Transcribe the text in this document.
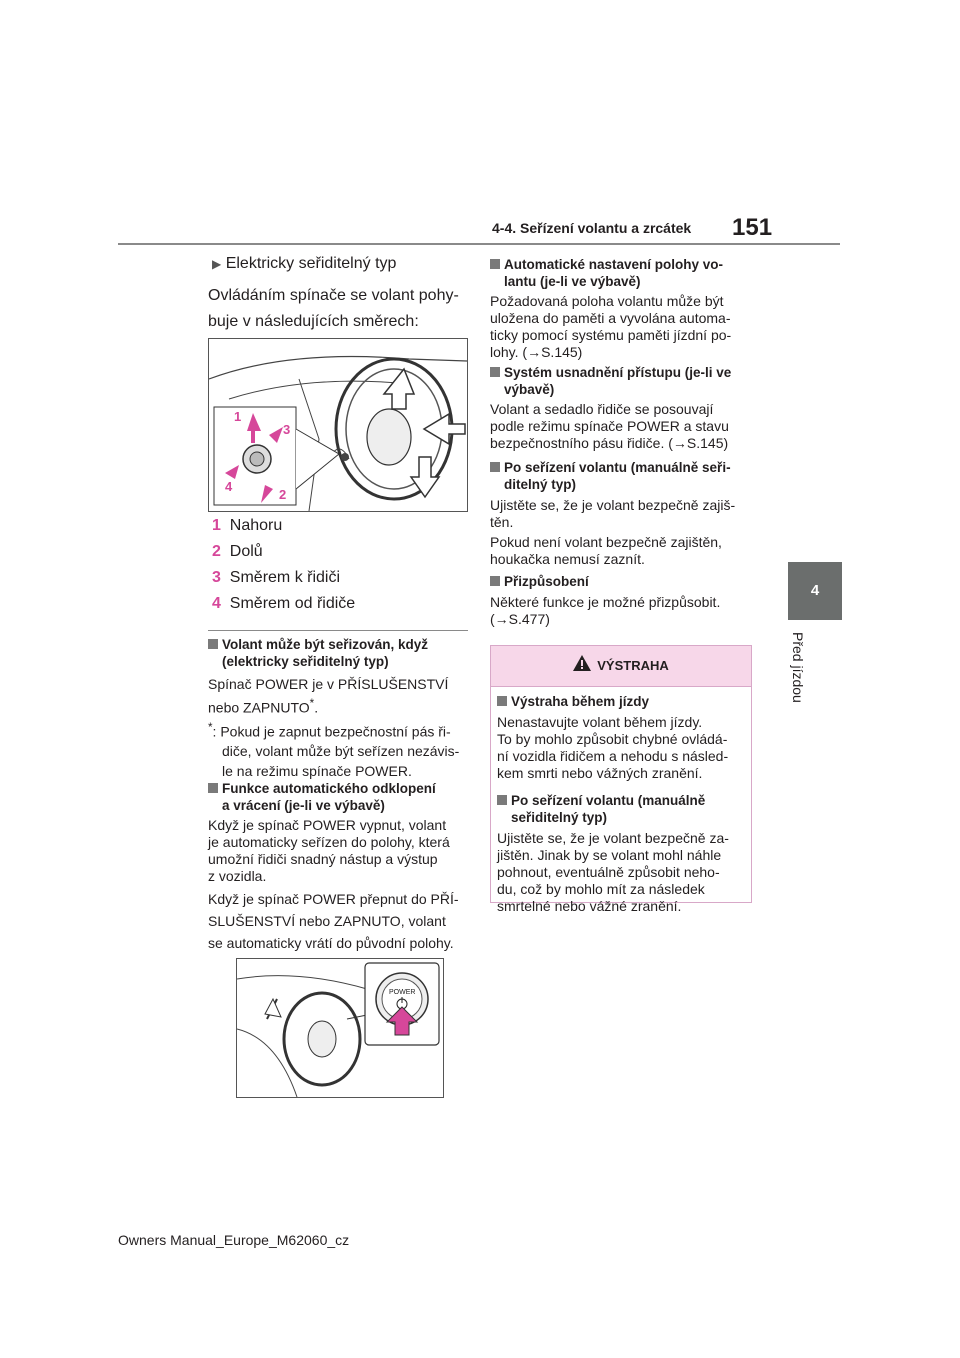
4-4. Seřízení volantu a zrcátek 151
4
Před jízdou
▶ Elektricky seřiditelný typ
Ovládáním spínače se volant pohy-
buje v následujících směrech:
1
3
4
2
1 Nahoru
2 Dolů
3 Směrem k řidiči
4 Směrem od řidiče
Volant může být seřizován, když
(elektricky seřiditelný typ)
Spínač POWER je v PŘÍSLUŠENSTVÍ
nebo ZAPNUTO*.
*: Pokud je zapnut bezpečnostní pás ři-
diče, volant může být seřízen nezávis-
le na režimu spínače POWER.
Funkce automatického odklopení
a vrácení (je-li ve výbavě)
Když je spínač POWER vypnut, volant
je automaticky seřízen do polohy, která
umožní řidiči snadný nástup a výstup
z vozidla.
Když je spínač POWER přepnut do PŘÍ-
SLUŠENSTVÍ nebo ZAPNUTO, volant
se automaticky vrátí do původní polohy.
POWER
Automatické nastavení polohy vo-
lantu (je-li ve výbavě)
Požadovaná poloha volantu může být
uložena do paměti a vyvolána automa-
ticky pomocí systému paměti jízdní po-
lohy. (→S.145)
Systém usnadnění přístupu (je-li ve
výbavě)
Volant a sedadlo řidiče se posouvají
podle režimu spínače POWER a stavu
bezpečnostního pásu řidiče. (→S.145)
Po seřízení volantu (manuálně seři-
ditelný typ)
Ujistěte se, že je volant bezpečně zajiš-
těn.
Pokud není volant bezpečně zajištěn,
houkačka nemusí zaznít.
Přizpůsobení
Některé funkce je možné přizpůsobit.
(→S.477)
VÝSTRAHA
Výstraha během jízdy
Nenastavujte volant během jízdy.
To by mohlo způsobit chybné ovládá-
ní vozidla řidičem a nehodu s násled-
kem smrti nebo vážných zranění.
Po seřízení volantu (manuálně
seřiditelný typ)
Ujistěte se, že je volant bezpečně za-
jištěn. Jinak by se volant mohl náhle
pohnout, eventuálně způsobit neho-
du, což by mohlo mít za následek
smrtelné nebo vážné zranění.
Owners Manual_Europe_M62060_cz
